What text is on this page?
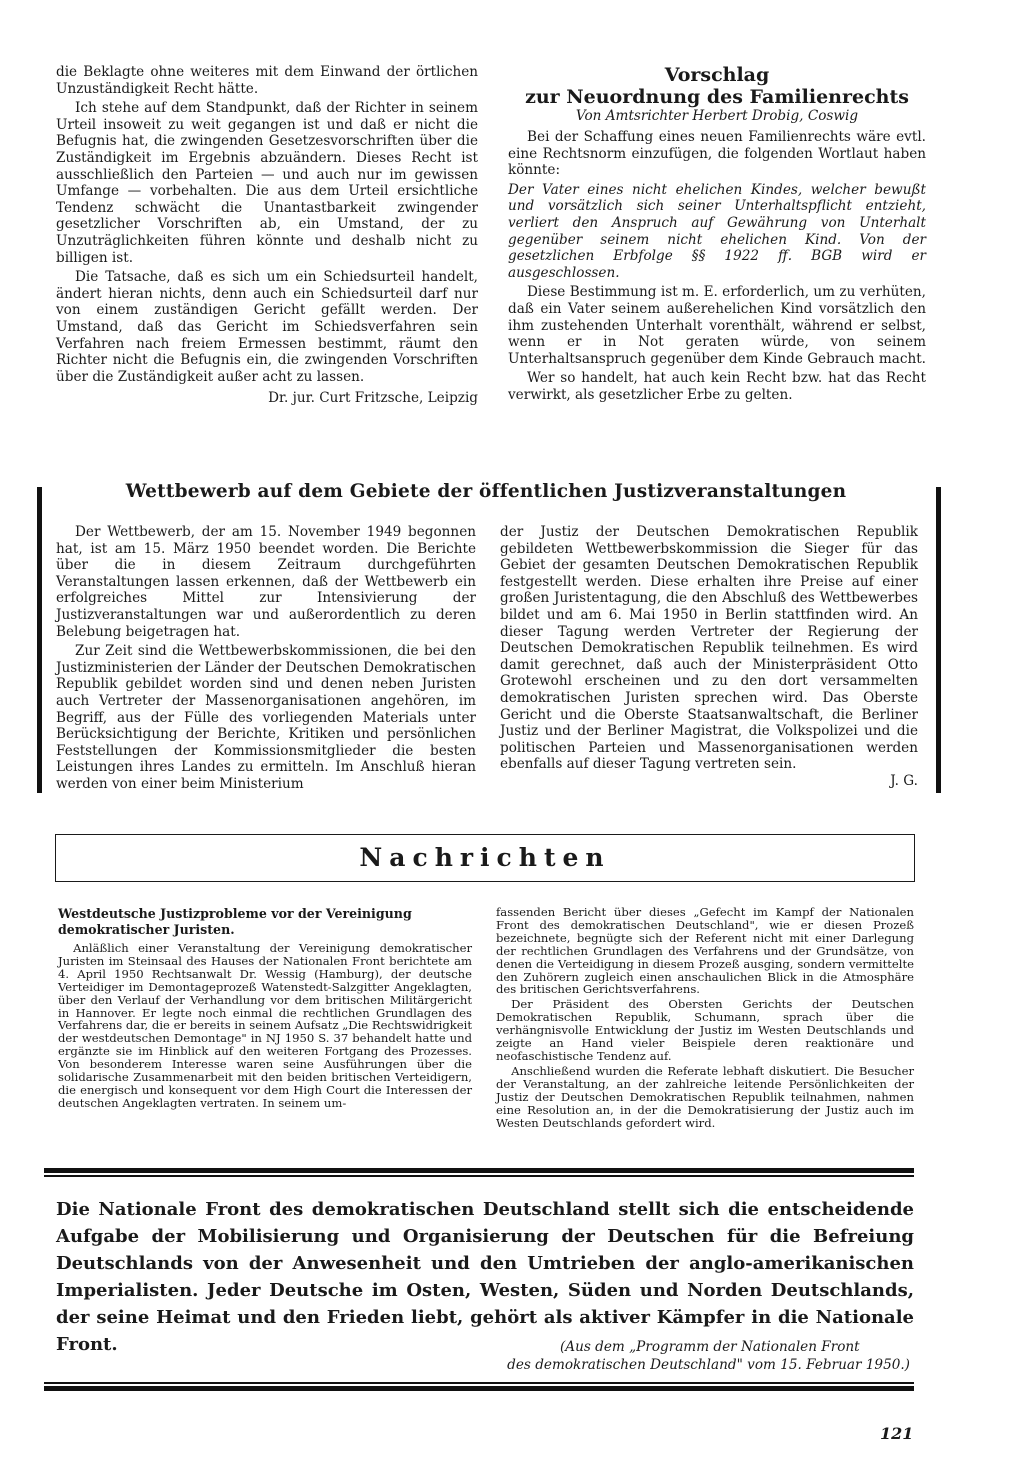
die Beklagte ohne weiteres mit dem Einwand der örtlichen Unzuständigkeit Recht hätte.

Ich stehe auf dem Standpunkt, daß der Richter in seinem Urteil insoweit zu weit gegangen ist und daß er nicht die Befugnis hat, die zwingenden Gesetzesvorschriften über die Zuständigkeit im Ergebnis abzuändern. Dieses Recht ist ausschließlich den Parteien — und auch nur im gewissen Umfange — vorbehalten. Die aus dem Urteil ersichtliche Tendenz schwächt die Unantastbarkeit zwingender gesetzlicher Vorschriften ab, ein Umstand, der zu Unzuträglichkeiten führen könnte und deshalb nicht zu billigen ist.

Die Tatsache, daß es sich um ein Schiedsurteil handelt, ändert hieran nichts, denn auch ein Schiedsurteil darf nur von einem zuständigen Gericht gefällt werden. Der Umstand, daß das Gericht im Schiedsverfahren sein Verfahren nach freiem Ermessen bestimmt, räumt den Richter nicht die Befugnis ein, die zwingenden Vorschriften über die Zuständigkeit außer acht zu lassen.

Dr. jur. Curt Fritzsche, Leipzig
Vorschlag
zur Neuordnung des Familienrechts
Von Amtsrichter Herbert Drobig, Coswig

Bei der Schaffung eines neuen Familienrechts wäre evtl. eine Rechtsnorm einzufügen, die folgenden Wortlaut haben könnte:

Der Vater eines nicht ehelichen Kindes, welcher bewußt und vorsätzlich sich seiner Unterhaltspflicht entzieht, verliert den Anspruch auf Gewährung von Unterhalt gegenüber seinem nicht ehelichen Kind. Von der gesetzlichen Erbfolge §§ 1922 ff. BGB wird er ausgeschlossen.

Diese Bestimmung ist m. E. erforderlich, um zu verhüten, daß ein Vater seinem außerehelichen Kind vorsätzlich den ihm zustehenden Unterhalt vorenthält, während er selbst, wenn er in Not geraten würde, von seinem Unterhaltsanspruch gegenüber dem Kinde Gebrauch macht.

Wer so handelt, hat auch kein Recht bzw. hat das Recht verwirkt, als gesetzlicher Erbe zu gelten.

Wettbewerb auf dem Gebiete der öffentlichen Justizveranstaltungen

Der Wettbewerb, der am 15. November 1949 begonnen hat, ist am 15. März 1950 beendet worden. Die Berichte über die in diesem Zeitraum durchgeführten Veranstaltungen lassen erkennen, daß der Wettbewerb ein erfolgreiches Mittel zur Intensivierung der Justizveranstaltungen war und außerordentlich zu deren Belebung beigetragen hat.

Zur Zeit sind die Wettbewerbskommissionen, die bei den Justizministerien der Länder der Deutschen Demokratischen Republik gebildet worden sind und denen neben Juristen auch Vertreter der Massenorganisationen angehören, im Begriff, aus der Fülle des vorliegenden Materials unter Berücksichtigung der Berichte, Kritiken und persönlichen Feststellungen der Kommissionsmitglieder die besten Leistungen ihres Landes zu ermitteln. Im Anschluß hieran werden von einer beim Ministerium

der Justiz der Deutschen Demokratischen Republik gebildeten Wettbewerbskommission die Sieger für das Gebiet der gesamten Deutschen Demokratischen Republik festgestellt werden. Diese erhalten ihre Preise auf einer großen Juristentagung, die den Abschluß des Wettbewerbes bildet und am 6. Mai 1950 in Berlin stattfinden wird. An dieser Tagung werden Vertreter der Regierung der Deutschen Demokratischen Republik teilnehmen. Es wird damit gerechnet, daß auch der Ministerpräsident Otto Grotewohl erscheinen und zu den dort versammelten demokratischen Juristen sprechen wird. Das Oberste Gericht und die Oberste Staatsanwaltschaft, die Berliner Justiz und der Berliner Magistrat, die Volkspolizei und die politischen Parteien und Massenorganisationen werden ebenfalls auf dieser Tagung vertreten sein.

J. G.
Nachrichten
Westdeutsche Justizprobleme vor der Vereinigung demokratischer Juristen.

Anläßlich einer Veranstaltung der Vereinigung demokratischer Juristen im Steinsaal des Hauses der Nationalen Front berichtete am 4. April 1950 Rechtsanwalt Dr. Wessig (Hamburg), der deutsche Verteidiger im Demontageprozeß Watenstedt-Salzgitter Angeklagten, über den Verlauf der Verhandlung vor dem britischen Militärgericht in Hannover. Er legte noch einmal die rechtlichen Grundlagen des Verfahrens dar, die er bereits in seinem Aufsatz „Die Rechtswidrigkeit der westdeutschen Demontage" in NJ 1950 S. 37 behandelt hatte und ergänzte sie im Hinblick auf den weiteren Fortgang des Prozesses. Von besonderem Interesse waren seine Ausführungen über die solidarische Zusammenarbeit mit den beiden britischen Verteidigern, die energisch und konsequent vor dem High Court die Interessen der deutschen Angeklagten vertraten. In seinem um-

fassenden Bericht über dieses „Gefecht im Kampf der Nationalen Front des demokratischen Deutschland", wie er diesen Prozeß bezeichnete, begnügte sich der Referent nicht mit einer Darlegung der rechtlichen Grundlagen des Verfahrens und der Grundsätze, von denen die Verteidigung in diesem Prozeß ausging, sondern vermittelte den Zuhörern zugleich einen anschaulichen Blick in die Atmosphäre des britischen Gerichtsverfahrens.

Der Präsident des Obersten Gerichts der Deutschen Demokratischen Republik, Schumann, sprach über die verhängnisvolle Entwicklung der Justiz im Westen Deutschlands und zeigte an Hand vieler Beispiele deren reaktionäre und neofaschistische Tendenz auf.

Anschließend wurden die Referate lebhaft diskutiert. Die Besucher der Veranstaltung, an der zahlreiche leitende Persönlichkeiten der Justiz der Deutschen Demokratischen Republik teilnahmen, nahmen eine Resolution an, in der die Demokratisierung der Justiz auch im Westen Deutschlands gefordert wird.

Die Nationale Front des demokratischen Deutschland stellt sich die entscheidende Aufgabe der Mobilisierung und Organisierung der Deutschen für die Befreiung Deutschlands von der Anwesenheit und den Umtrieben der anglo-amerikanischen Imperialisten. Jeder Deutsche im Osten, Westen, Süden und Norden Deutschlands, der seine Heimat und den Frieden liebt, gehört als aktiver Kämpfer in die Nationale Front.	(Aus dem „Programm der Nationalen Front
des demokratischen Deutschland" vom 15. Februar 1950.)
121
